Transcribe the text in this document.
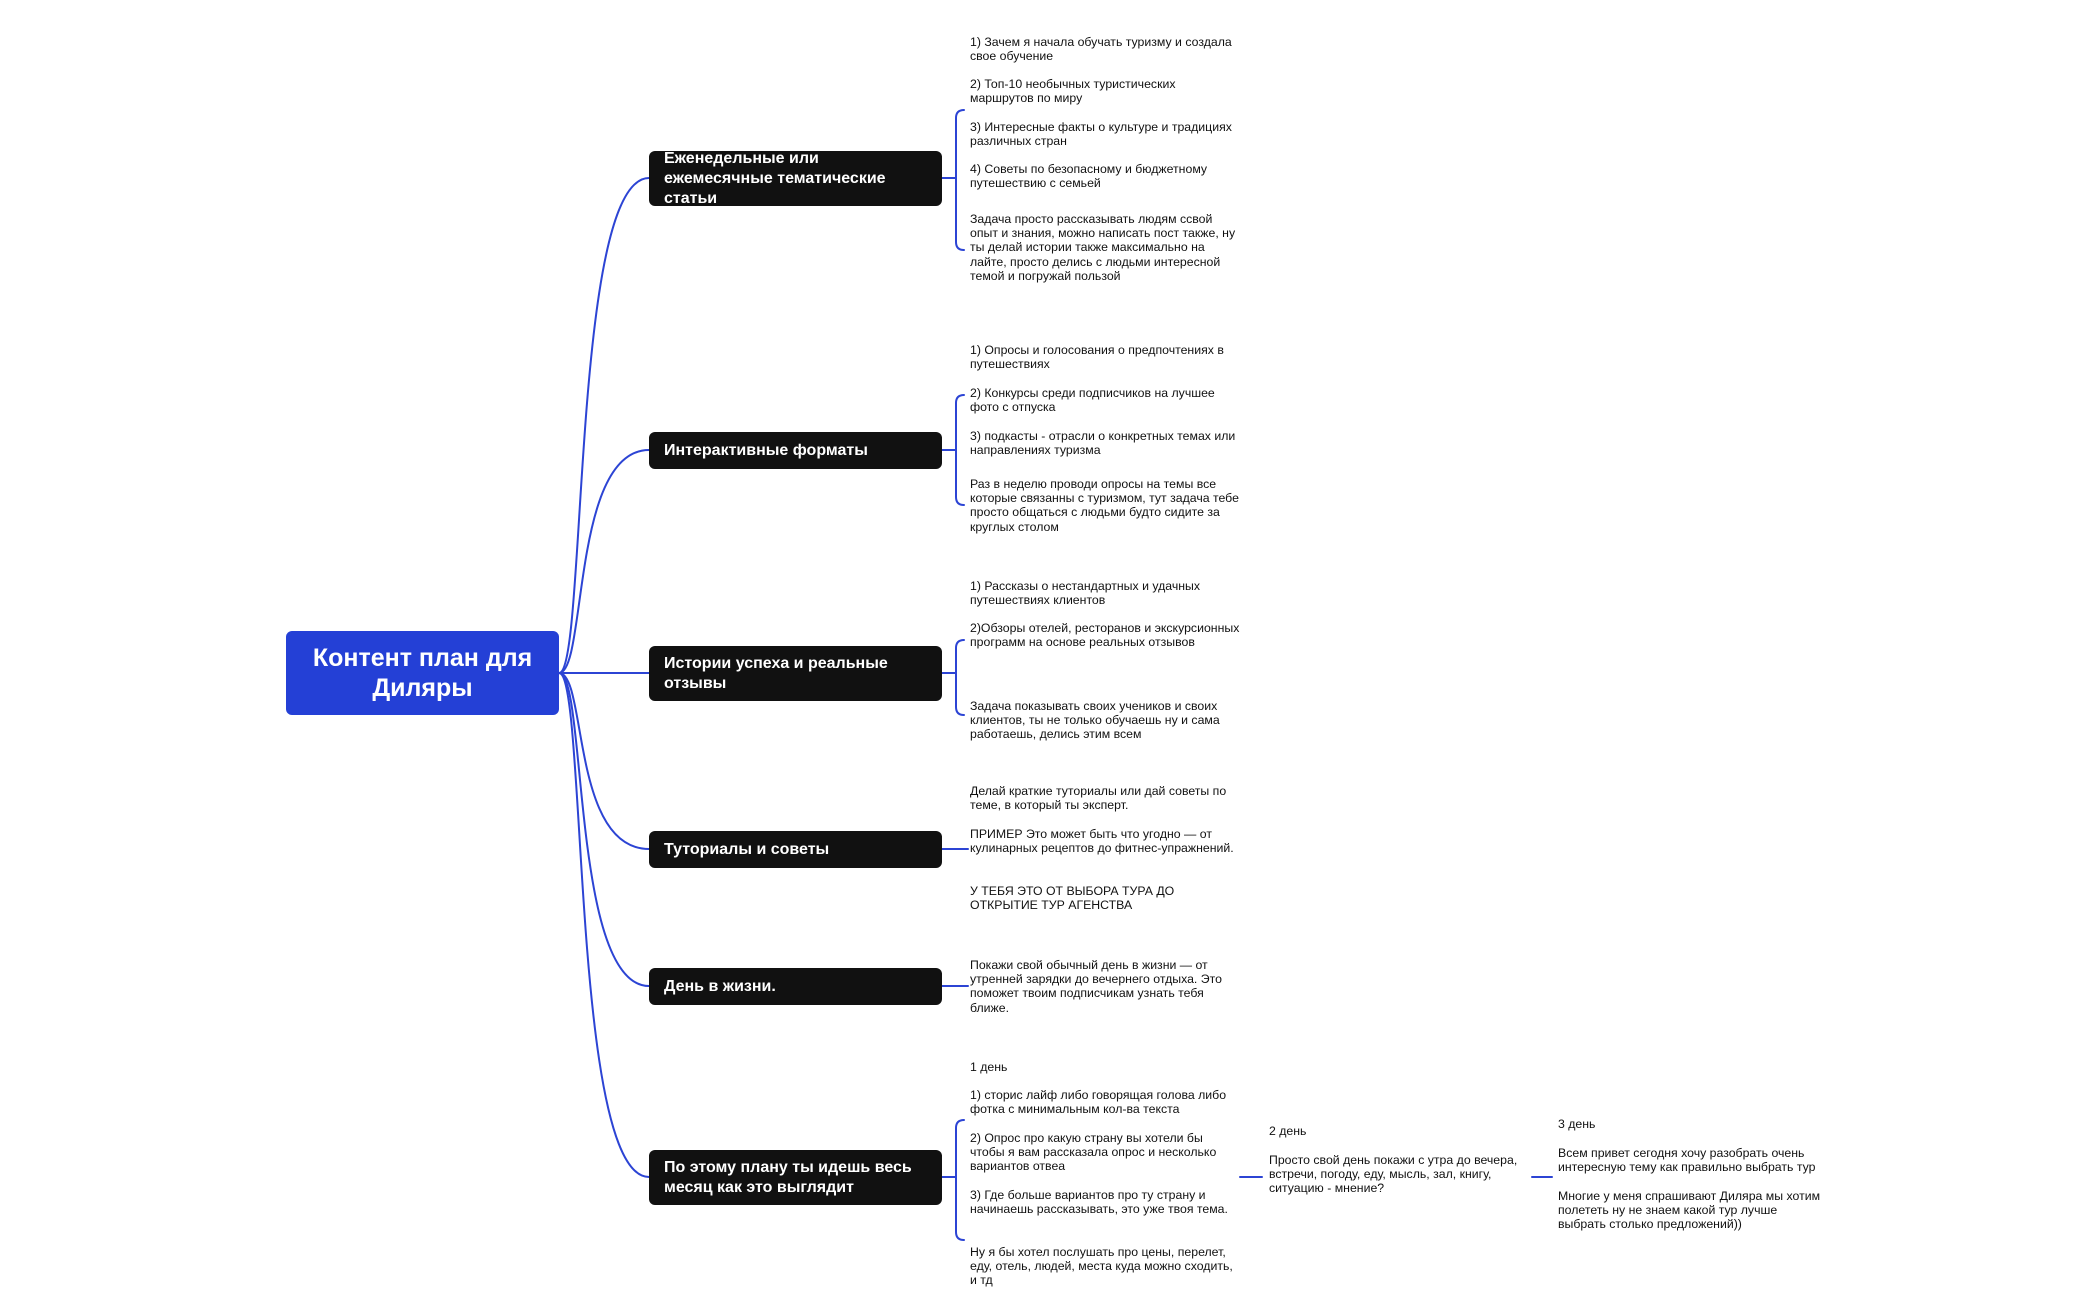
Контент план для Диляры
Еженедельные или ежемесячные тематические статьи
Интерактивные форматы
Истории успеха и реальные отзывы
Туториалы и советы
День в жизни.
По этому плану ты идешь весь месяц как это выглядит
1) Зачем я начала обучать туризму и создала свое обучение
2) Топ-10 необычных туристических маршрутов по миру
3) Интересные факты о культуре и традициях различных стран
4) Советы по безопасному и бюджетному путешествию с семьей
Задача просто рассказывать людям ссвой опыт и знания, можно написать пост также, ну ты делай истории также максимально на лайте, просто делись с людьми интересной темой и погружай пользой
1) Опросы и голосования о предпочтениях в путешествиях
2) Конкурсы среди подписчиков на лучшее фото с отпуска
3) подкасты - отрасли о конкретных темах или направлениях туризма
Раз в неделю проводи опросы на темы все которые связанны с туризмом, тут задача тебе просто общаться с людьми будто сидите за круглых столом
1) Рассказы о нестандартных и удачных путешествиях клиентов
2)Обзоры отелей, ресторанов и экскурсионных программ на основе реальных отзывов
Задача показывать своих учеников и своих клиентов, ты не только обучаешь ну и сама работаешь, делись этим всем
Делай краткие туториалы или дай советы по теме, в который ты эксперт.
ПРИМЕР Это может быть что угодно — от кулинарных рецептов до фитнес-упражнений.
У ТЕБЯ ЭТО ОТ ВЫБОРА ТУРА ДО ОТКРЫТИЕ ТУР АГЕНСТВА
Покажи свой обычный день в жизни — от утренней зарядки до вечернего отдыха. Это поможет твоим подписчикам узнать тебя ближе.
1 день
1) сторис лайф либо говорящая голова либо фотка с минимальным кол-ва текста
2) Опрос про какую страну вы хотели бы чтобы я вам рассказала опрос и несколько вариантов отвеа
3) Где больше вариантов про ту страну и начинаешь рассказывать, это уже твоя тема.
Ну я бы хотел послушать про цены, перелет, еду, отель, людей, места куда можно сходить, и тд
2 день
Просто свой день покажи с утра до вечера, встречи, погоду, еду, мысль, зал, книгу, ситуацию - мнение?
3 день
Всем привет сегодня хочу разобрать очень интересную тему как правильно выбрать тур
Многие у меня спрашивают Диляра мы хотим полететь ну не знаем какой тур лучше выбрать столько предложений))
